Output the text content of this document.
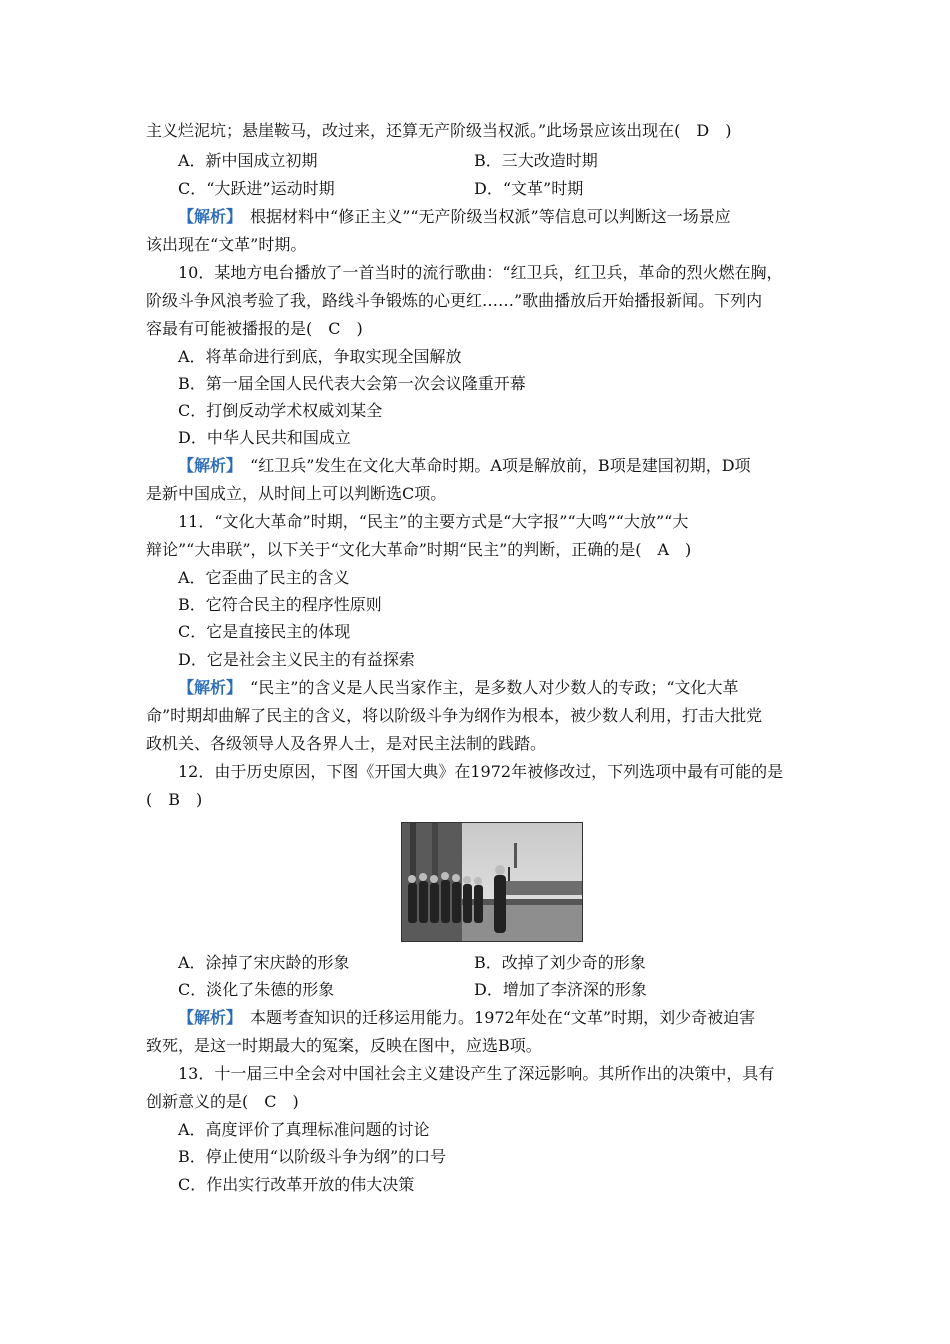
主义烂泥坑；悬崖鞍马，改过来，还算无产阶级当权派。”此场景应该出现在(　D　)
A．新中国成立初期	B．三大改造时期
C．“大跃进”运动时期	D．“文革”时期
【解析】　根据材料中“修正主义”“无产阶级当权派”等信息可以判断这一场景应
该出现在“文革”时期。
10．某地方电台播放了一首当时的流行歌曲：“红卫兵，红卫兵，革命的烈火燃在胸，
阶级斗争风浪考验了我，路线斗争锻炼的心更红……”歌曲播放后开始播报新闻。下列内
容最有可能被播报的是(　C　)
A．将革命进行到底，争取实现全国解放
B．第一届全国人民代表大会第一次会议隆重开幕
C．打倒反动学术权威刘某全
D．中华人民共和国成立
【解析】　“红卫兵”发生在文化大革命时期。A项是解放前，B项是建国初期，D项
是新中国成立，从时间上可以判断选C项。
11．“文化大革命”时期，“民主”的主要方式是“大字报”“大鸣”“大放”“大
辩论”“大串联”，以下关于“文化大革命”时期“民主”的判断，正确的是(　A　)
A．它歪曲了民主的含义
B．它符合民主的程序性原则
C．它是直接民主的体现
D．它是社会主义民主的有益探索
【解析】　“民主”的含义是人民当家作主，是多数人对少数人的专政；“文化大革
命”时期却曲解了民主的含义，将以阶级斗争为纲作为根本，被少数人利用，打击大批党
政机关、各级领导人及各界人士，是对民主法制的践踏。
12．由于历史原因，下图《开国大典》在1972年被修改过，下列选项中最有可能的是
(　B　)
A．涂掉了宋庆龄的形象	B．改掉了刘少奇的形象
C．淡化了朱德的形象	D．增加了李济深的形象
【解析】　本题考查知识的迁移运用能力。1972年处在“文革”时期，刘少奇被迫害
致死，是这一时期最大的冤案，反映在图中，应选B项。
13．十一届三中全会对中国社会主义建设产生了深远影响。其所作出的决策中，具有
创新意义的是(　C　)
A．高度评价了真理标准问题的讨论
B．停止使用“以阶级斗争为纲”的口号
C．作出实行改革开放的伟大决策
